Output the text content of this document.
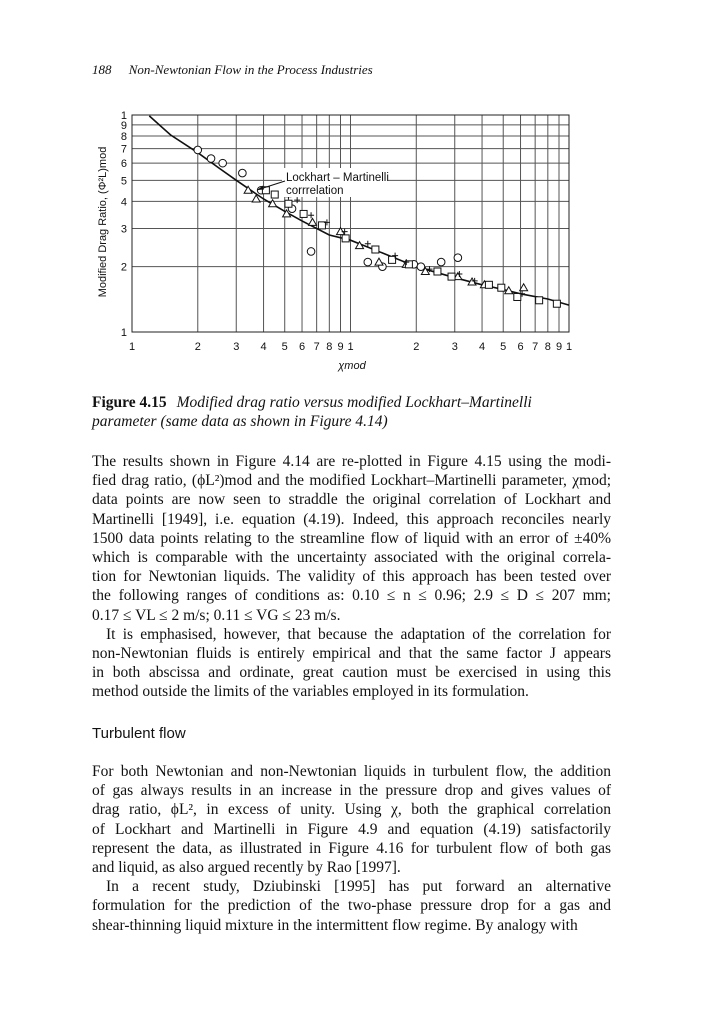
188 Non-Newtonian Flow in the Process Industries
1	2	3 4 5 6 7 8 9 1	2	3 4 5 6 7 8 9 1
1
2
3
4
5
6
7
8
9
1
Lockhart – Martinelli
corrrelation
χmod
Modified Drag Ratio, (Φ²L)mod
Figure 4.15 Modified drag ratio versus modified Lockhart–Martinelli
parameter (same data as shown in Figure 4.14)
The results shown in Figure 4.14 are re-plotted in Figure 4.15 using the modi-
fied drag ratio, (ϕL²)mod and the modified Lockhart–Martinelli parameter, χmod;
data points are now seen to straddle the original correlation of Lockhart and
Martinelli [1949], i.e. equation (4.19). Indeed, this approach reconciles nearly
1500 data points relating to the streamline flow of liquid with an error of ±40%
which is comparable with the uncertainty associated with the original correla-
tion for Newtonian liquids. The validity of this approach has been tested over
the following ranges of conditions as: 0.10 ≤ n ≤ 0.96; 2.9 ≤ D ≤ 207 mm;
0.17 ≤ VL ≤ 2 m/s; 0.11 ≤ VG ≤ 23 m/s.
It is emphasised, however, that because the adaptation of the correlation for
non-Newtonian fluids is entirely empirical and that the same factor J appears
in both abscissa and ordinate, great caution must be exercised in using this
method outside the limits of the variables employed in its formulation.
Turbulent flow
For both Newtonian and non-Newtonian liquids in turbulent flow, the addition
of gas always results in an increase in the pressure drop and gives values of
drag ratio, ϕL², in excess of unity. Using χ, both the graphical correlation
of Lockhart and Martinelli in Figure 4.9 and equation (4.19) satisfactorily
represent the data, as illustrated in Figure 4.16 for turbulent flow of both gas
and liquid, as also argued recently by Rao [1997].
In a recent study, Dziubinski [1995] has put forward an alternative
formulation for the prediction of the two-phase pressure drop for a gas and
shear-thinning liquid mixture in the intermittent flow regime. By analogy with
